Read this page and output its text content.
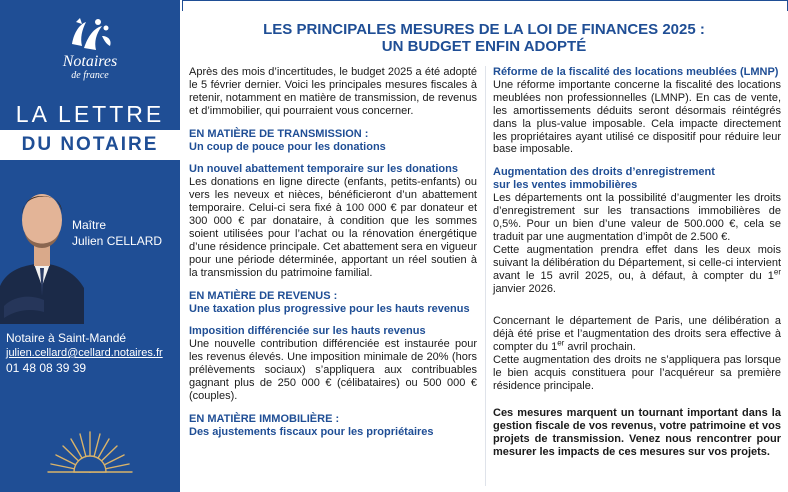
Notaires
de france
LA LETTRE
DU NOTAIRE
Maître
Julien CELLARD
Notaire à Saint-Mandé
julien.cellard@cellard.notaires.fr
01 48 08 39 39
LES PRINCIPALES MESURES DE LA LOI DE FINANCES 2025 :
UN BUDGET ENFIN ADOPTÉ

Après des mois d’incertitudes, le budget 2025 a été adopté le 5 février dernier. Voici les principales mesures fiscales à retenir, notamment en matière de transmission, de revenus et d’immobilier, qui pourraient vous concerner.

EN MATIÈRE DE TRANSMISSION :
Un coup de pouce pour les donations
Un nouvel abattement temporaire sur les donations

Les donations en ligne directe (enfants, petits-enfants) ou vers les neveux et nièces, bénéficieront d’un abattement temporaire. Celui-ci sera fixé à 100 000 € par donateur et 300 000 € par donataire, à condition que les sommes soient utilisées pour l’achat ou la rénovation énergétique d’une résidence principale. Cet abattement sera en vigueur pour une période déterminée, apportant un réel soutien à la transmission du patrimoine familial.

EN MATIÈRE DE REVENUS :
Une taxation plus progressive pour les hauts revenus
Imposition différenciée sur les hauts revenus

Une nouvelle contribution différenciée est instaurée pour les revenus élevés. Une imposition minimale de 20% (hors prélèvements sociaux) s’appliquera aux contribuables gagnant plus de 250 000 € (célibataires) ou 500 000 € (couples).

EN MATIÈRE IMMOBILIÈRE :
Des ajustements fiscaux pour les propriétaires
Réforme de la fiscalité des locations meublées (LMNP)

Une réforme importante concerne la fiscalité des locations meublées non professionnelles (LMNP). En cas de vente, les amortissements déduits seront désormais réintégrés dans la plus-value imposable. Cela impacte directement les propriétaires ayant utilisé ce dispositif pour réduire leur base imposable.

Augmentation des droits d’enregistrement
sur les ventes immobilières

Les départements ont la possibilité d’augmenter les droits d’enregistrement sur les transactions immobilières de 0,5%. Pour un bien d’une valeur de 500.000 €, cela se traduit par une augmentation d’impôt de 2.500 €.

Cette augmentation prendra effet dans les deux mois suivant la délibération du Département, si celle-ci intervient avant le 15 avril 2025, ou, à défaut, à compter du 1er janvier 2026.

Concernant le département de Paris, une délibération a déjà été prise et l’augmentation des droits sera effective à compter du 1er avril prochain.

Cette augmentation des droits ne s’appliquera pas lorsque le bien acquis constituera pour l’acquéreur sa première résidence principale.

Ces mesures marquent un tournant important dans la gestion fiscale de vos revenus, votre patrimoine et vos projets de transmission. Venez nous rencontrer pour mesurer les impacts de ces mesures sur vos projets.
